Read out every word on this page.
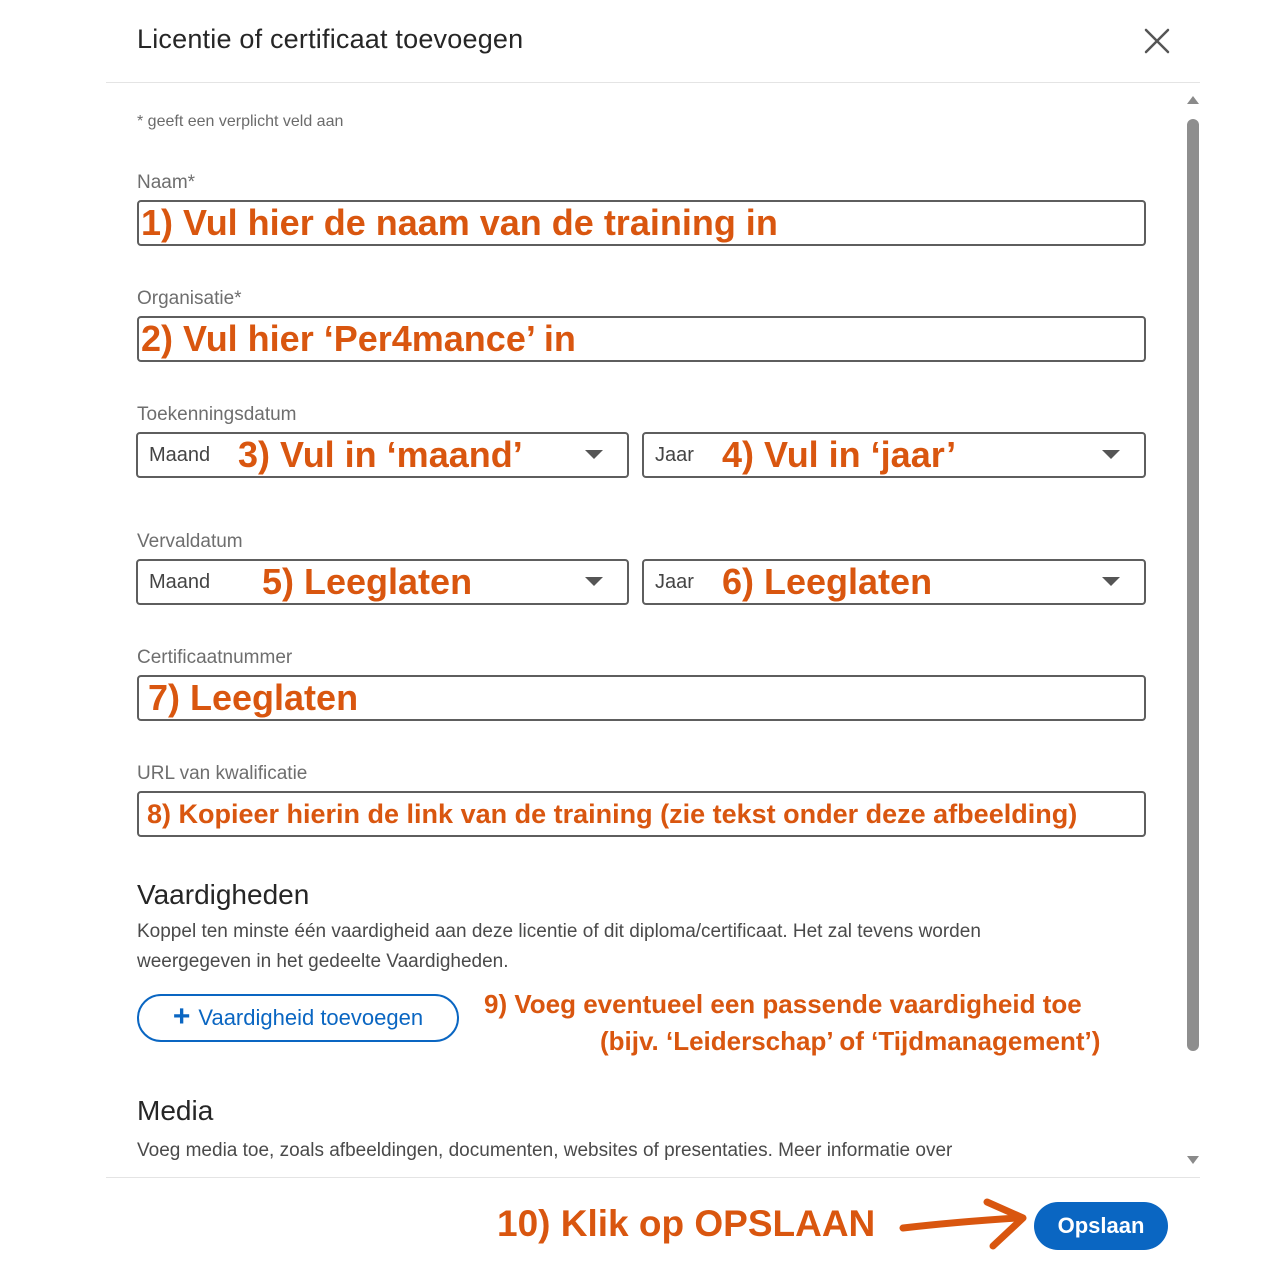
Licentie of certificaat toevoegen
* geeft een verplicht veld aan
Naam*
1) Vul hier de naam van de training in
Organisatie*
2) Vul hier ‘Per4mance’ in
Toekenningsdatum
Maand 3) Vul in ‘maand’	Jaar 4) Vul in ‘jaar’
Vervaldatum
Maand 5) Leeglaten	Jaar 6) Leeglaten
Certificaatnummer
7) Leeglaten
URL van kwalificatie
8) Kopieer hierin de link van de training (zie tekst onder deze afbeelding)
Vaardigheden
Koppel ten minste één vaardigheid aan deze licentie of dit diploma/certificaat. Het zal tevens worden weergegeven in het gedeelte Vaardigheden.
+ Vaardigheid toevoegen 9) Voeg eventueel een passende vaardigheid toe
(bijv. ‘Leiderschap’ of ‘Tijdmanagement’)
Media
Voeg media toe, zoals afbeeldingen, documenten, websites of presentaties. Meer informatie over
10) Klik op OPSLAAN	Opslaan
